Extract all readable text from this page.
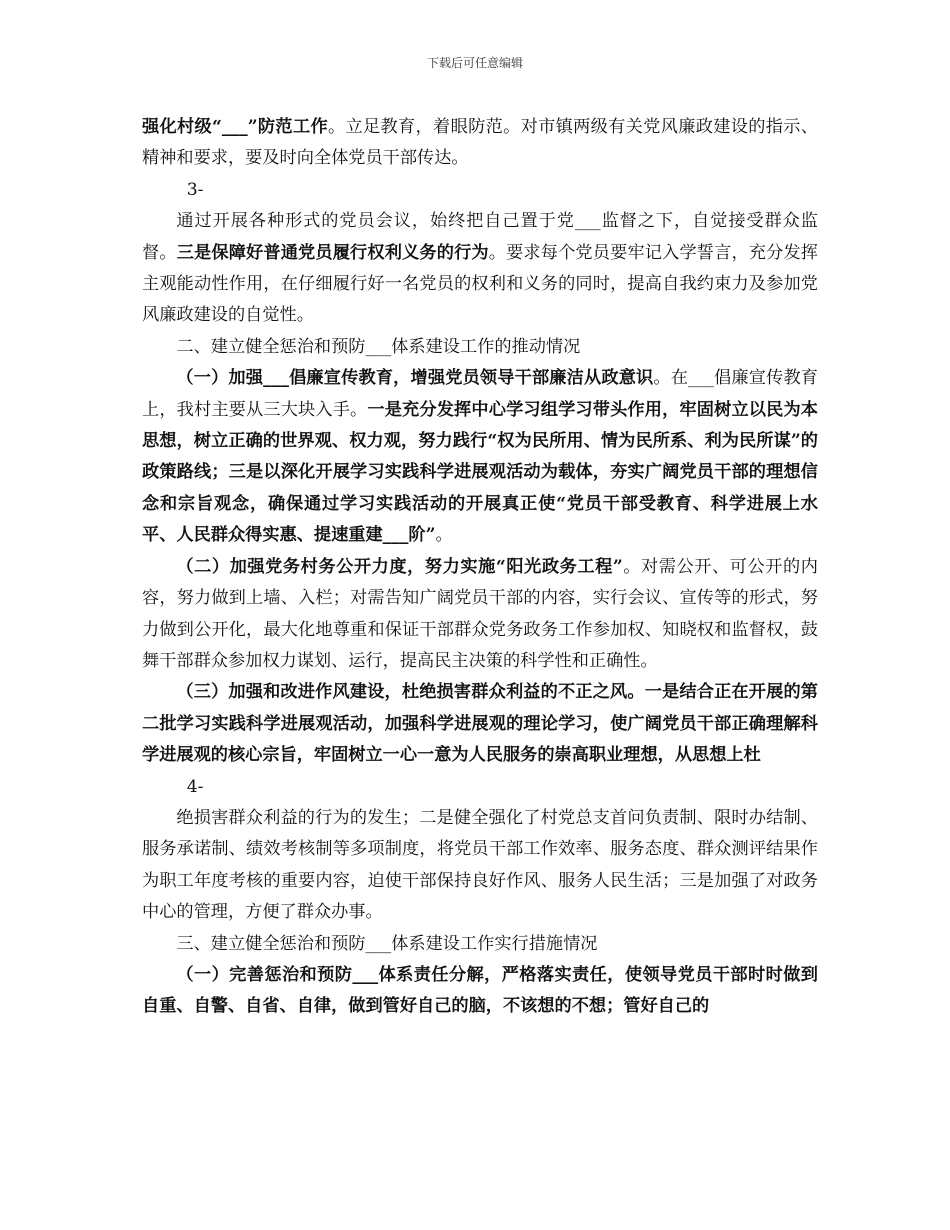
下载后可任意编辑

强化村级“___”防范工作。立足教育，着眼防范。对市镇两级有关党风廉政建设的指示、精神和要求，要及时向全体党员干部传达。

3-

通过开展各种形式的党员会议，始终把自己置于党___监督之下，自觉接受群众监督。三是保障好普通党员履行权利义务的行为。要求每个党员要牢记入学誓言，充分发挥主观能动性作用，在仔细履行好一名党员的权利和义务的同时，提高自我约束力及参加党风廉政建设的自觉性。

二、建立健全惩治和预防___体系建设工作的推动情况

（一）加强___倡廉宣传教育，增强党员领导干部廉洁从政意识。在___倡廉宣传教育上，我村主要从三大块入手。一是充分发挥中心学习组学习带头作用，牢固树立以民为本思想，树立正确的世界观、权力观，努力践行“权为民所用、情为民所系、利为民所谋”的政策路线；三是以深化开展学习实践科学进展观活动为载体，夯实广阔党员干部的理想信念和宗旨观念，确保通过学习实践活动的开展真正使“党员干部受教育、科学进展上水平、人民群众得实惠、提速重建___阶”。

（二）加强党务村务公开力度，努力实施“阳光政务工程”。对需公开、可公开的内容，努力做到上墙、入栏；对需告知广阔党员干部的内容，实行会议、宣传等的形式，努力做到公开化，最大化地尊重和保证干部群众党务政务工作参加权、知晓权和监督权，鼓舞干部群众参加权力谋划、运行，提高民主决策的科学性和正确性。

（三）加强和改进作风建设，杜绝损害群众利益的不正之风。一是结合正在开展的第二批学习实践科学进展观活动，加强科学进展观的理论学习，使广阔党员干部正确理解科学进展观的核心宗旨，牢固树立一心一意为人民服务的崇高职业理想，从思想上杜

4-

绝损害群众利益的行为的发生；二是健全强化了村党总支首问负责制、限时办结制、服务承诺制、绩效考核制等多项制度，将党员干部工作效率、服务态度、群众测评结果作为职工年度考核的重要内容，迫使干部保持良好作风、服务人民生活；三是加强了对政务中心的管理，方便了群众办事。

三、建立健全惩治和预防___体系建设工作实行措施情况

（一）完善惩治和预防___体系责任分解，严格落实责任，使领导党员干部时时做到自重、自警、自省、自律，做到管好自己的脑，不该想的不想；管好自己的
